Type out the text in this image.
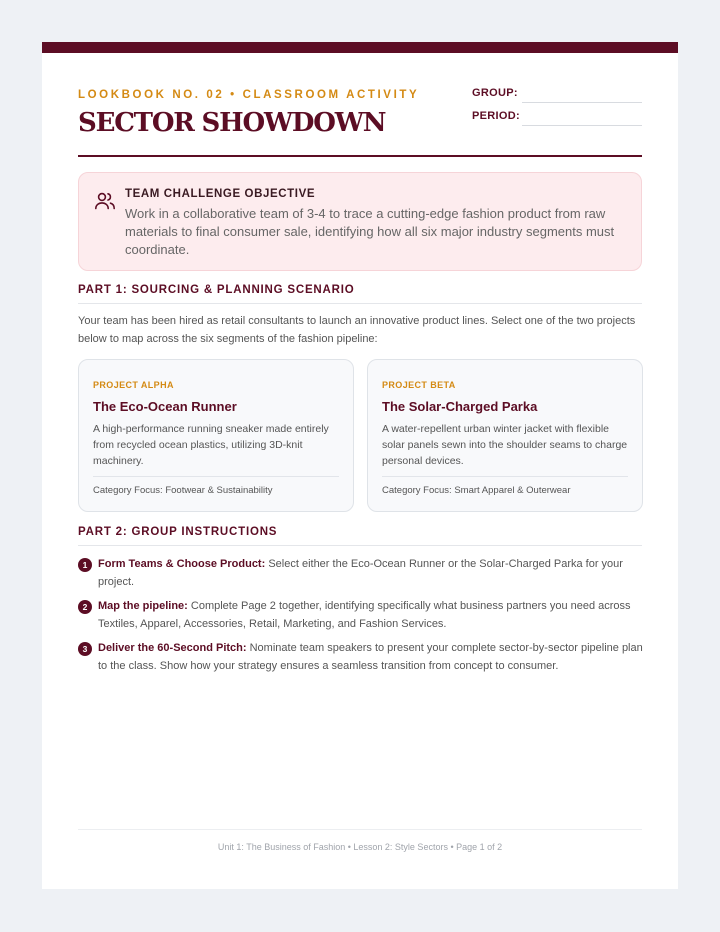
LOOKBOOK NO. 02 • CLASSROOM ACTIVITY
SECTOR SHOWDOWN
GROUP:
PERIOD:
TEAM CHALLENGE OBJECTIVE
Work in a collaborative team of 3-4 to trace a cutting-edge fashion product from raw materials to final consumer sale, identifying how all six major industry segments must coordinate.
PART 1: SOURCING & PLANNING SCENARIO
Your team has been hired as retail consultants to launch an innovative product lines. Select one of the two projects below to map across the six segments of the fashion pipeline:
PROJECT ALPHA
The Eco-Ocean Runner
A high-performance running sneaker made entirely from recycled ocean plastics, utilizing 3D-knit machinery.
Category Focus: Footwear & Sustainability
PROJECT BETA
The Solar-Charged Parka
A water-repellent urban winter jacket with flexible solar panels sewn into the shoulder seams to charge personal devices.
Category Focus: Smart Apparel & Outerwear
PART 2: GROUP INSTRUCTIONS
1 Form Teams & Choose Product: Select either the Eco-Ocean Runner or the Solar-Charged Parka for your project.
2 Map the pipeline: Complete Page 2 together, identifying specifically what business partners you need across Textiles, Apparel, Accessories, Retail, Marketing, and Fashion Services.
3 Deliver the 60-Second Pitch: Nominate team speakers to present your complete sector-by-sector pipeline plan to the class. Show how your strategy ensures a seamless transition from concept to consumer.
Unit 1: The Business of Fashion • Lesson 2: Style Sectors • Page 1 of 2
